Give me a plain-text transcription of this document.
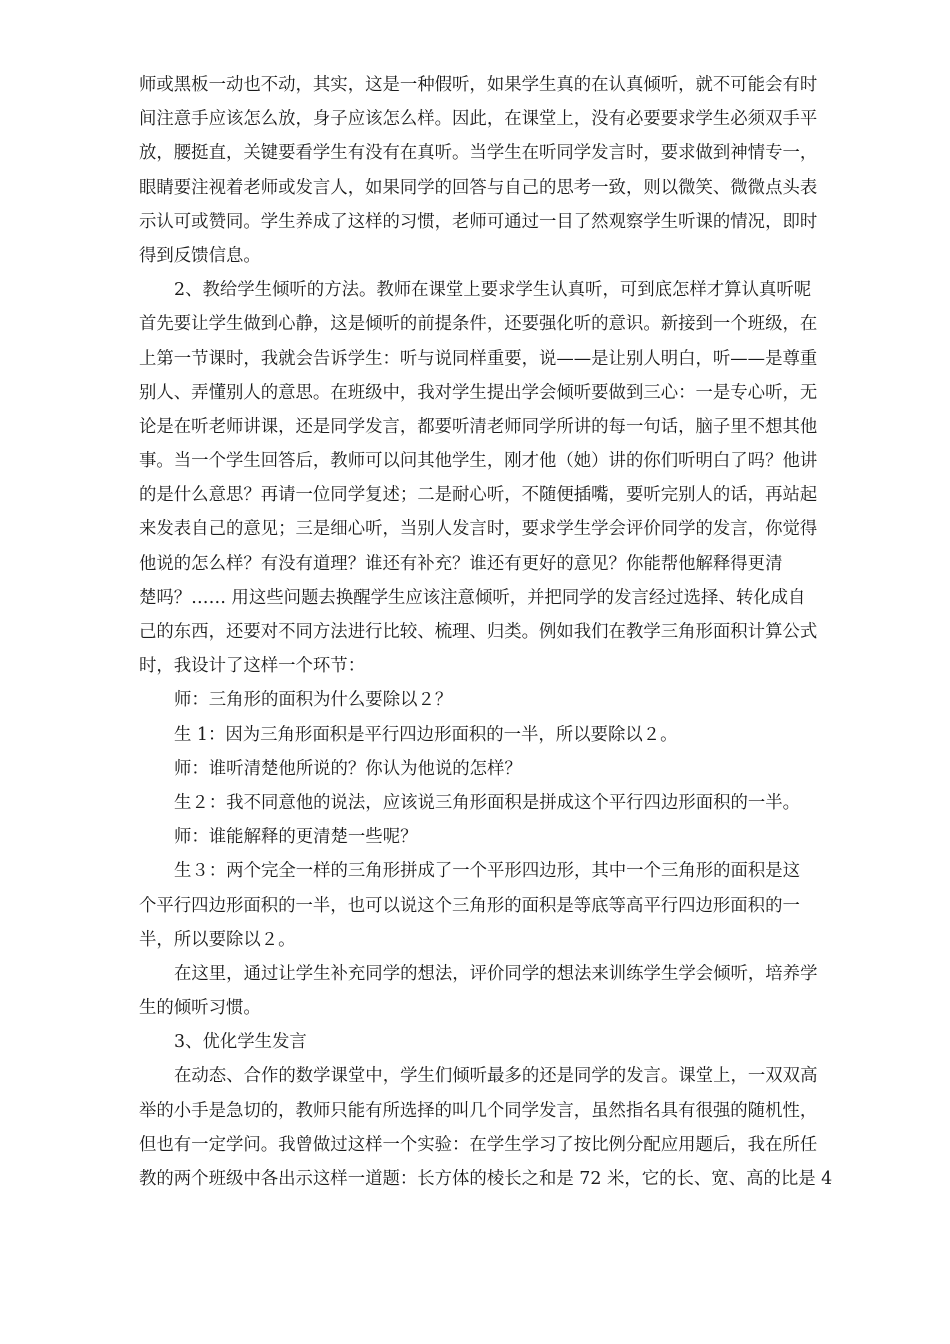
师或黑板一动也不动，其实，这是一种假听，如果学生真的在认真倾听，就不可能会有时
间注意手应该怎么放，身子应该怎么样。因此，在课堂上，没有必要要求学生必须双手平
放，腰挺直，关键要看学生有没有在真听。当学生在听同学发言时，要求做到神情专一，
眼睛要注视着老师或发言人，如果同学的回答与自己的思考一致，则以微笑、微微点头表
示认可或赞同。学生养成了这样的习惯，老师可通过一目了然观察学生听课的情况，即时
得到反馈信息。
2、教给学生倾听的方法。教师在课堂上要求学生认真听，可到底怎样才算认真听呢
首先要让学生做到心静，这是倾听的前提条件，还要强化听的意识。新接到一个班级，在
上第一节课时，我就会告诉学生：听与说同样重要，说——是让别人明白，听——是尊重
别人、弄懂别人的意思。在班级中，我对学生提出学会倾听要做到三心：一是专心听，无
论是在听老师讲课，还是同学发言，都要听清老师同学所讲的每一句话，脑子里不想其他
事。当一个学生回答后，教师可以问其他学生，刚才他（她）讲的你们听明白了吗？他讲
的是什么意思？再请一位同学复述；二是耐心听，不随便插嘴，要听完别人的话，再站起
来发表自己的意见；三是细心听，当别人发言时，要求学生学会评价同学的发言，你觉得
他说的怎么样？有没有道理？谁还有补充？谁还有更好的意见？你能帮他解释得更清
楚吗？…… 用这些问题去换醒学生应该注意倾听，并把同学的发言经过选择、转化成自
己的东西，还要对不同方法进行比较、梳理、归类。例如我们在教学三角形面积计算公式
时，我设计了这样一个环节：
师：三角形的面积为什么要除以２？
生 1：因为三角形面积是平行四边形面积的一半，所以要除以２。
师：谁听清楚他所说的？你认为他说的怎样？
生２：我不同意他的说法，应该说三角形面积是拼成这个平行四边形面积的一半。
师：谁能解释的更清楚一些呢？
生３：两个完全一样的三角形拼成了一个平形四边形，其中一个三角形的面积是这
个平行四边形面积的一半，也可以说这个三角形的面积是等底等高平行四边形面积的一
半，所以要除以２。
在这里，通过让学生补充同学的想法，评价同学的想法来训练学生学会倾听，培养学
生的倾听习惯。
3、优化学生发言
在动态、合作的数学课堂中，学生们倾听最多的还是同学的发言。课堂上，一双双高
举的小手是急切的，教师只能有所选择的叫几个同学发言，虽然指名具有很强的随机性，
但也有一定学问。我曾做过这样一个实验：在学生学习了按比例分配应用题后，我在所任
教的两个班级中各出示这样一道题：长方体的棱长之和是 72 米，它的长、宽、高的比是 4
